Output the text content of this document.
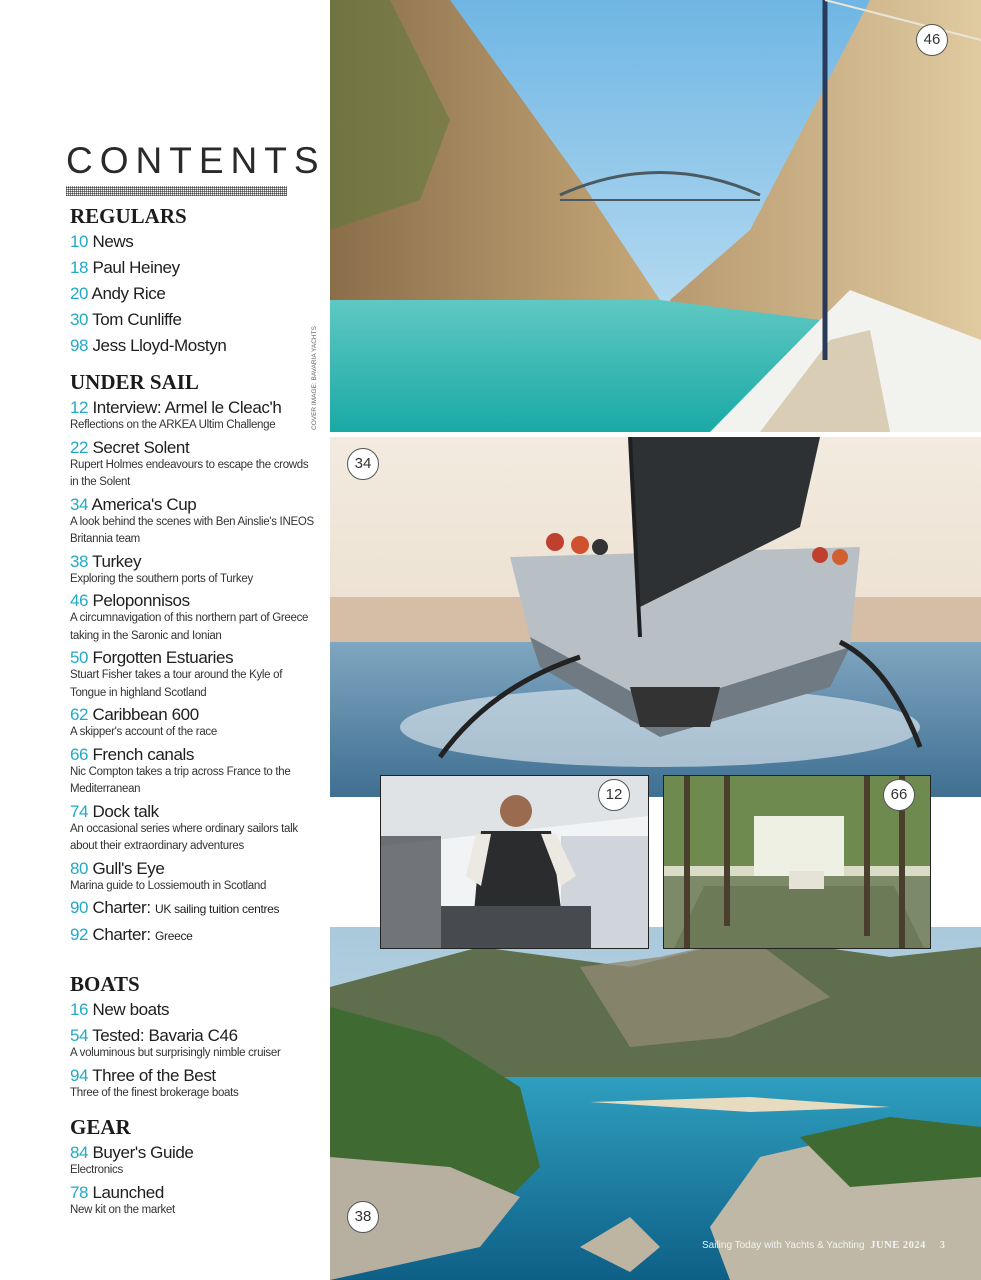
CONTENTS
REGULARS
10 News
18 Paul Heiney
20 Andy Rice
30 Tom Cunliffe
98 Jess Lloyd-Mostyn
UNDER SAIL
12 Interview: Armel le Cleac'h
Reflections on the ARKEA Ultim Challenge
22 Secret Solent
Rupert Holmes endeavours to escape the crowds in the Solent
34 America's Cup
A look behind the scenes with Ben Ainslie's INEOS Britannia team
38 Turkey
Exploring the southern ports of Turkey
46 Peloponnisos
A circumnavigation of this northern part of Greece taking in the Saronic and Ionian
50 Forgotten Estuaries
Stuart Fisher takes a tour around the Kyle of Tongue in highland Scotland
62 Caribbean 600
A skipper's account of the race
66 French canals
Nic Compton takes a trip across France to the Mediterranean
74 Dock talk
An occasional series where ordinary sailors talk about their extraordinary adventures
80 Gull's Eye
Marina guide to Lossiemouth in Scotland
90 Charter: UK sailing tuition centres
92 Charter: Greece
BOATS
16 New boats
54 Tested: Bavaria C46
A voluminous but surprisingly nimble cruiser
94 Three of the Best
Three of the finest brokerage boats
GEAR
84 Buyer's Guide
Electronics
78 Launched
New kit on the market
COVER IMAGE: BAVARIA YACHTS
46
34
38
12	66
Sailing Today with Yachts & Yachting JUNE 2024 3
